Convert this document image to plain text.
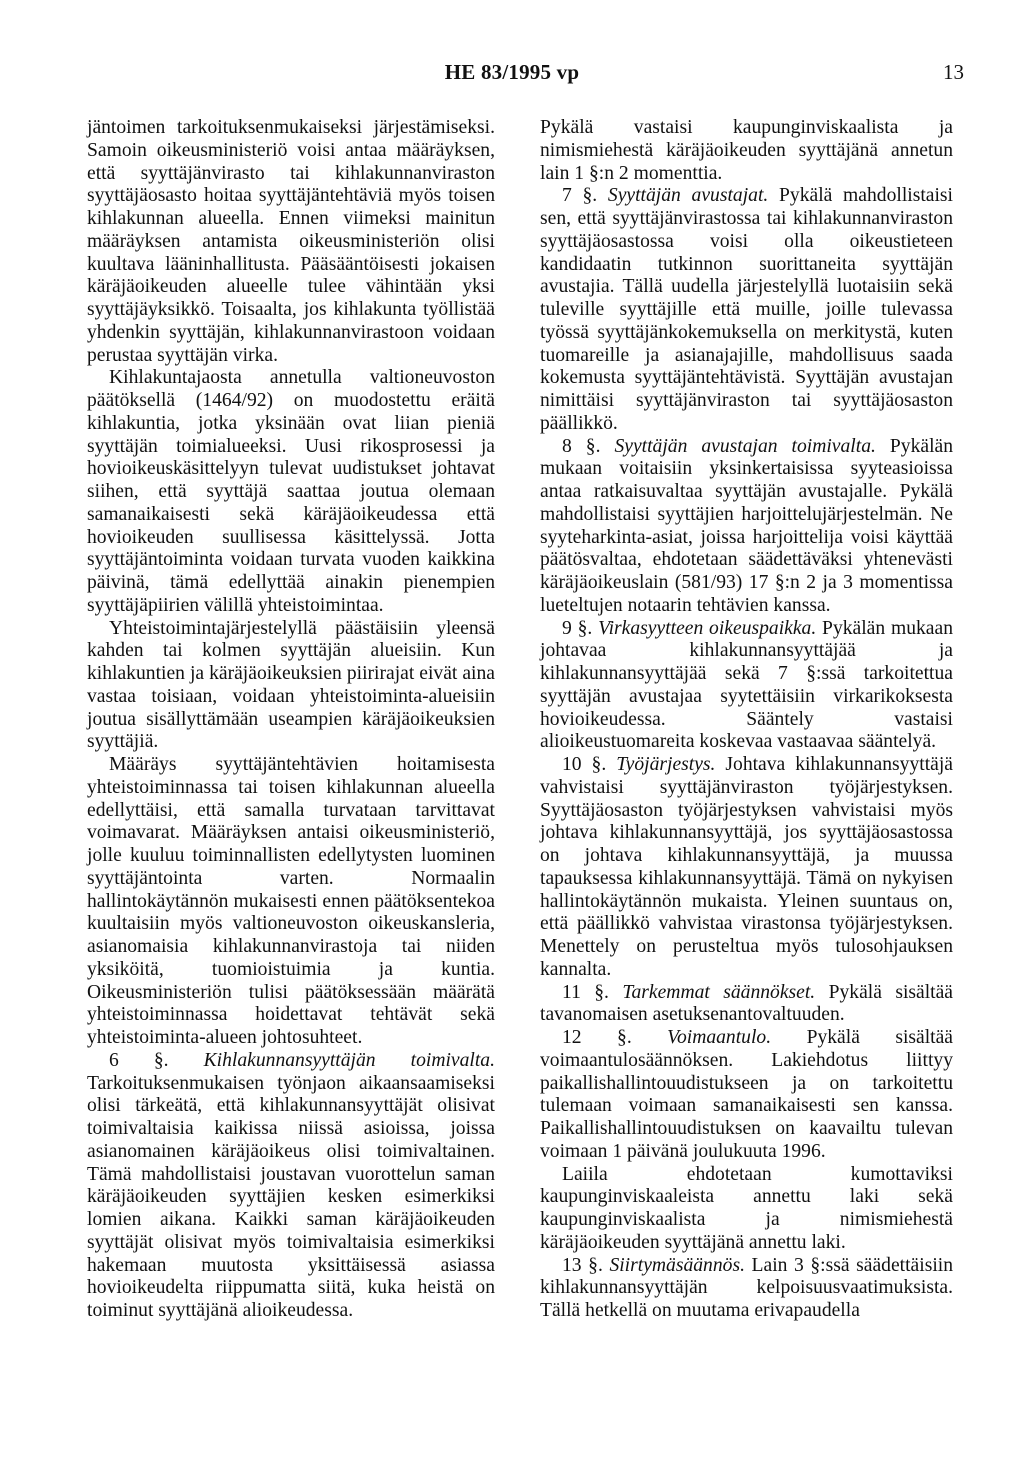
HE 83/1995 vp	13

jäntoimen tarkoituksenmukaiseksi järjestämiseksi. Samoin oikeusministeriö voisi antaa määräyksen, että syyttäjänvirasto tai kihlakunnanviraston syyttäjäosasto hoitaa syyttäjäntehtäviä myös toisen kihlakunnan alueella. Ennen viimeksi mainitun määräyksen antamista oikeusministeriön olisi kuultava lääninhallitusta. Pääsääntöisesti jokaisen käräjäoikeuden alueelle tulee vähintään yksi syyttäjäyksikkö. Toisaalta, jos kihlakunta työllistää yhdenkin syyttäjän, kihlakunnanvirastoon voidaan perustaa syyttäjän virka.

Kihlakuntajaosta annetulla valtioneuvoston päätöksellä (1464/92) on muodostettu eräitä kihlakuntia, jotka yksinään ovat liian pieniä syyttäjän toimialueeksi. Uusi rikosprosessi ja hovioikeuskäsittelyyn tulevat uudistukset johtavat siihen, että syyttäjä saattaa joutua olemaan samanaikaisesti sekä käräjäoikeudessa että hovioikeuden suullisessa käsittelyssä. Jotta syyttäjäntoiminta voidaan turvata vuoden kaikkina päivinä, tämä edellyttää ainakin pienempien syyttäjäpiirien välillä yhteistoimintaa.

Yhteistoimintajärjestelyllä päästäisiin yleensä kahden tai kolmen syyttäjän alueisiin. Kun kihlakuntien ja käräjäoikeuksien piirirajat eivät aina vastaa toisiaan, voidaan yhteistoiminta-alueisiin joutua sisällyttämään useampien käräjäoikeuksien syyttäjiä.

Määräys syyttäjäntehtävien hoitamisesta yhteistoiminnassa tai toisen kihlakunnan alueella edellyttäisi, että samalla turvataan tarvittavat voimavarat. Määräyksen antaisi oikeusministeriö, jolle kuuluu toiminnallisten edellytysten luominen syyttäjäntointa varten. Normaalin hallintokäytännön mukaisesti ennen päätöksentekoa kuultaisiin myös valtioneuvoston oikeuskansleria, asianomaisia kihlakunnanvirastoja tai niiden yksiköitä, tuomioistuimia ja kuntia. Oikeusministeriön tulisi päätöksessään määrätä yhteistoiminnassa hoidettavat tehtävät sekä yhteistoiminta-alueen johtosuhteet.

6 §. Kihlakunnansyyttäjän toimivalta. Tarkoituksenmukaisen työnjaon aikaansaamiseksi olisi tärkeätä, että kihlakunnansyyttäjät olisivat toimivaltaisia kaikissa niissä asioissa, joissa asianomainen käräjäoikeus olisi toimivaltainen. Tämä mahdollistaisi joustavan vuorottelun saman käräjäoikeuden syyttäjien kesken esimerkiksi lomien aikana. Kaikki saman käräjäoikeuden syyttäjät olisivat myös toimivaltaisia esimerkiksi hakemaan muutosta yksittäisessä asiassa hovioikeudelta riippumatta siitä, kuka heistä on toiminut syyttäjänä alioikeudessa.

Pykälä vastaisi kaupunginviskaalista ja nimismiehestä käräjäoikeuden syyttäjänä annetun lain 1 §:n 2 momenttia.

7 §. Syyttäjän avustajat. Pykälä mahdollistaisi sen, että syyttäjänvirastossa tai kihlakunnanviraston syyttäjäosastossa voisi olla oikeustieteen kandidaatin tutkinnon suorittaneita syyttäjän avustajia. Tällä uudella järjestelyllä luotaisiin sekä tuleville syyttäjille että muille, joille tulevassa työssä syyttäjänkokemuksella on merkitystä, kuten tuomareille ja asianajajille, mahdollisuus saada kokemusta syyttäjäntehtävistä. Syyttäjän avustajan nimittäisi syyttäjänviraston tai syyttäjäosaston päällikkö.

8 §. Syyttäjän avustajan toimivalta. Pykälän mukaan voitaisiin yksinkertaisissa syyteasioissa antaa ratkaisuvaltaa syyttäjän avustajalle. Pykälä mahdollistaisi syyttäjien harjoittelujärjestelmän. Ne syyteharkinta-asiat, joissa harjoittelija voisi käyttää päätösvaltaa, ehdotetaan säädettäväksi yhtenevästi käräjäoikeuslain (581/93) 17 §:n 2 ja 3 momentissa lueteltujen notaarin tehtävien kanssa.

9 §. Virkasyytteen oikeuspaikka. Pykälän mukaan johtavaa kihlakunnansyyttäjää ja kihlakunnansyyttäjää sekä 7 §:ssä tarkoitettua syyttäjän avustajaa syytettäisiin virkarikoksesta hovioikeudessa. Sääntely vastaisi alioikeustuomareita koskevaa vastaavaa sääntelyä.

10 §. Työjärjestys. Johtava kihlakunnansyyttäjä vahvistaisi syyttäjänviraston työjärjestyksen. Syyttäjäosaston työjärjestyksen vahvistaisi myös johtava kihlakunnansyyttäjä, jos syyttäjäosastossa on johtava kihlakunnansyyttäjä, ja muussa tapauksessa kihlakunnansyyttäjä. Tämä on nykyisen hallintokäytännön mukaista. Yleinen suuntaus on, että päällikkö vahvistaa virastonsa työjärjestyksen. Menettely on perusteltua myös tulosohjauksen kannalta.

11 §. Tarkemmat säännökset. Pykälä sisältää tavanomaisen asetuksenantovaltuuden.

12 §. Voimaantulo. Pykälä sisältää voimaantulosäännöksen. Lakiehdotus liittyy paikallishallintouudistukseen ja on tarkoitettu tulemaan voimaan samanaikaisesti sen kanssa. Paikallishallintouudistuksen on kaavailtu tulevan voimaan 1 päivänä joulukuuta 1996.

Laiila ehdotetaan kumottaviksi kaupunginviskaaleista annettu laki sekä kaupunginviskaalista ja nimismiehestä käräjäoikeuden syyttäjänä annettu laki.

13 §. Siirtymäsäännös. Lain 3 §:ssä säädettäisiin kihlakunnansyyttäjän kelpoisuusvaatimuksista. Tällä hetkellä on muutama erivapaudella
